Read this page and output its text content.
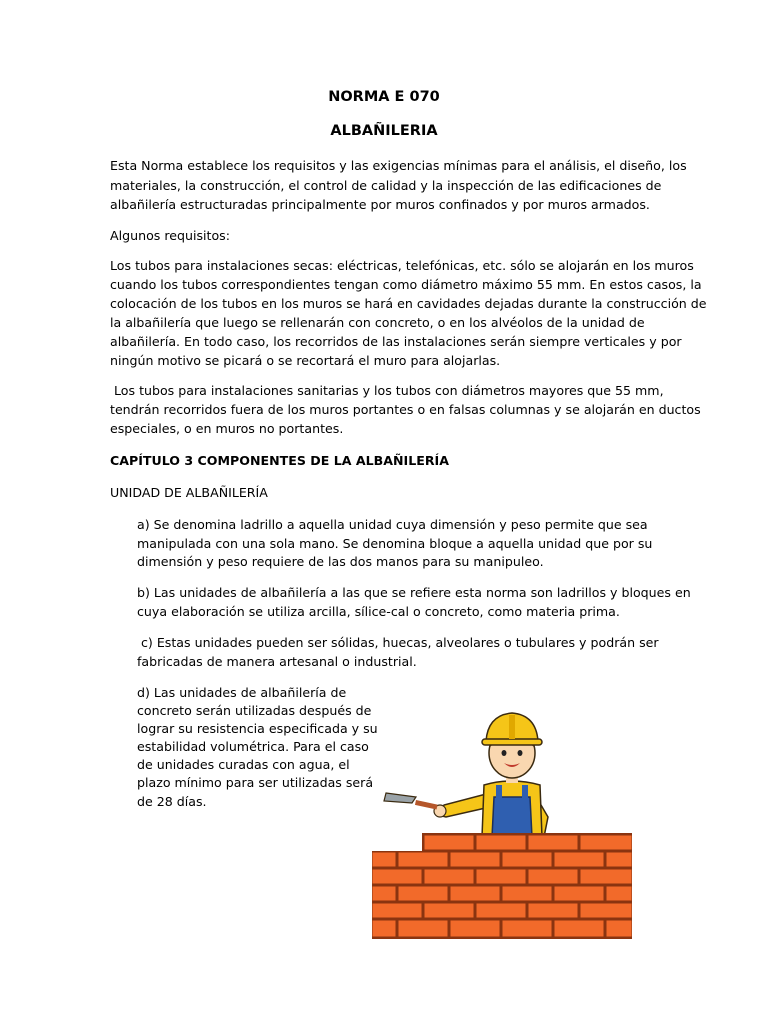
NORMA E 070
ALBAÑILERIA
Esta Norma establece los requisitos y las exigencias mínimas para el análisis, el diseño, los
materiales, la construcción, el control de calidad y la inspección de las edificaciones de
albañilería estructuradas principalmente por muros confinados y por muros armados.
Algunos requisitos:
Los tubos para instalaciones secas: eléctricas, telefónicas, etc. sólo se alojarán en los muros
cuando los tubos correspondientes tengan como diámetro máximo 55 mm. En estos casos, la
colocación de los tubos en los muros se hará en cavidades dejadas durante la construcción de
la albañilería que luego se rellenarán con concreto, o en los alvéolos de la unidad de
albañilería. En todo caso, los recorridos de las instalaciones serán siempre verticales y por
ningún motivo se picará o se recortará el muro para alojarlas.
Los tubos para instalaciones sanitarias y los tubos con diámetros mayores que 55 mm,
tendrán recorridos fuera de los muros portantes o en falsas columnas y se alojarán en ductos
especiales, o en muros no portantes.
CAPÍTULO 3 COMPONENTES DE LA ALBAÑILERÍA
UNIDAD DE ALBAÑILERÍA
a) Se denomina ladrillo a aquella unidad cuya dimensión y peso permite que sea
manipulada con una sola mano. Se denomina bloque a aquella unidad que por su
dimensión y peso requiere de las dos manos para su manipuleo.
b) Las unidades de albañilería a las que se refiere esta norma son ladrillos y bloques en
cuya elaboración se utiliza arcilla, sílice-cal o concreto, como materia prima.
c) Estas unidades pueden ser sólidas, huecas, alveolares o tubulares y podrán ser
fabricadas de manera artesanal o industrial.
d) Las unidades de albañilería de
concreto serán utilizadas después de
lograr su resistencia especificada y su
estabilidad volumétrica. Para el caso
de unidades curadas con agua, el
plazo mínimo para ser utilizadas será
de 28 días.
